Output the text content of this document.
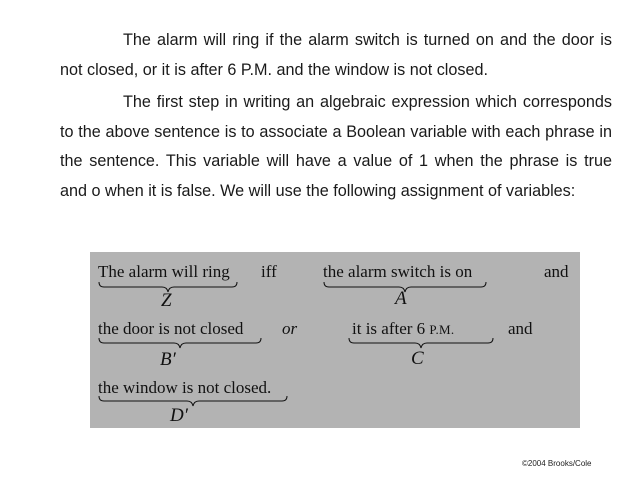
The alarm will ring if the alarm switch is turned on and the door is not closed, or it is after 6 P.M. and the window is not closed.

The first step in writing an algebraic expression which corresponds to the above sentence is to associate a Boolean variable with each phrase in the sentence. This variable will have a value of 1 when the phrase is true and o when it is false. We will use the following assignment of variables:

The alarm will ring
Z
iff	the alarm switch is on
A
and
the door is not closed
B′
or	it is after 6 P.M.
C
and
the window is not closed.
D′
©2004 Brooks/Cole
